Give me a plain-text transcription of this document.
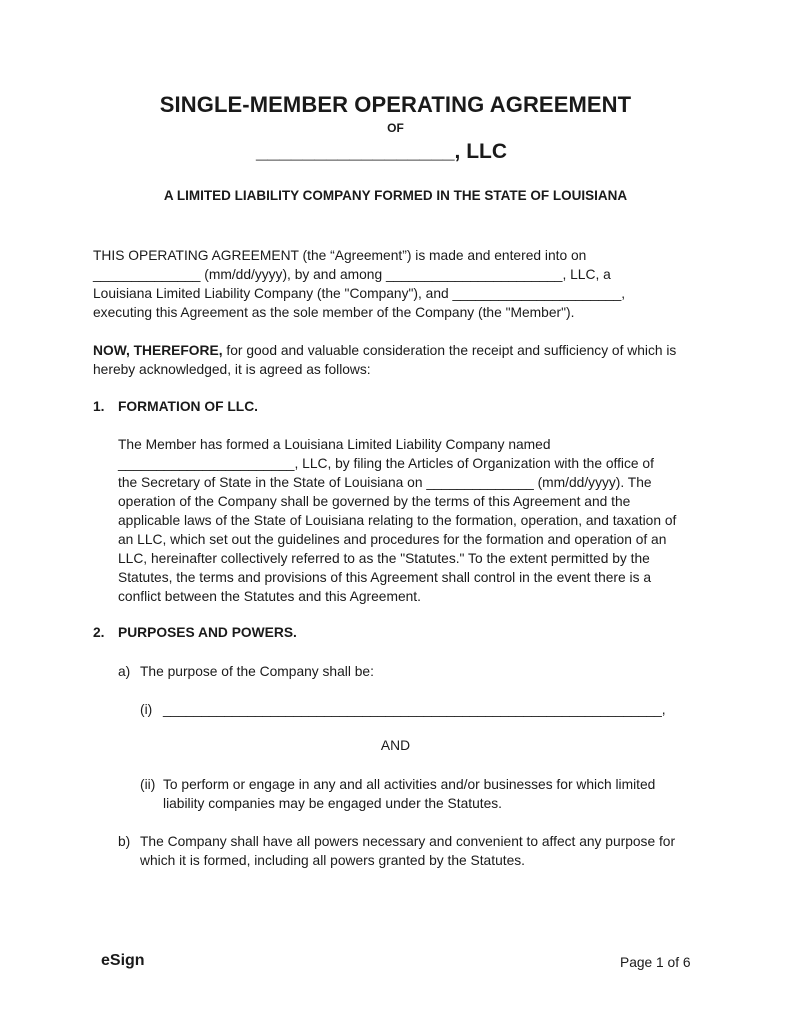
SINGLE-MEMBER OPERATING AGREEMENT
OF
_________________, LLC
A LIMITED LIABILITY COMPANY FORMED IN THE STATE OF LOUISIANA
THIS OPERATING AGREEMENT (the “Agreement”) is made and entered into on
______________ (mm/dd/yyyy), by and among _______________________, LLC, a
Louisiana Limited Liability Company (the "Company"), and ______________________,
executing this Agreement as the sole member of the Company (the "Member").
NOW, THEREFORE, for good and valuable consideration the receipt and sufficiency of which is
hereby acknowledged, it is agreed as follows:
1. FORMATION OF LLC.
The Member has formed a Louisiana Limited Liability Company named
_______________________, LLC, by filing the Articles of Organization with the office of
the Secretary of State in the State of Louisiana on ______________ (mm/dd/yyyy). The
operation of the Company shall be governed by the terms of this Agreement and the
applicable laws of the State of Louisiana relating to the formation, operation, and taxation of
an LLC, which set out the guidelines and procedures for the formation and operation of an
LLC, hereinafter collectively referred to as the "Statutes." To the extent permitted by the
Statutes, the terms and provisions of this Agreement shall control in the event there is a
conflict between the Statutes and this Agreement.
2. PURPOSES AND POWERS.
a) The purpose of the Company shall be:
(i) _________________________________________________________________,
AND
(ii) To perform or engage in any and all activities and/or businesses for which limited
liability companies may be engaged under the Statutes.
b) The Company shall have all powers necessary and convenient to affect any purpose for
which it is formed, including all powers granted by the Statutes.
eSign	Page 1 of 6
